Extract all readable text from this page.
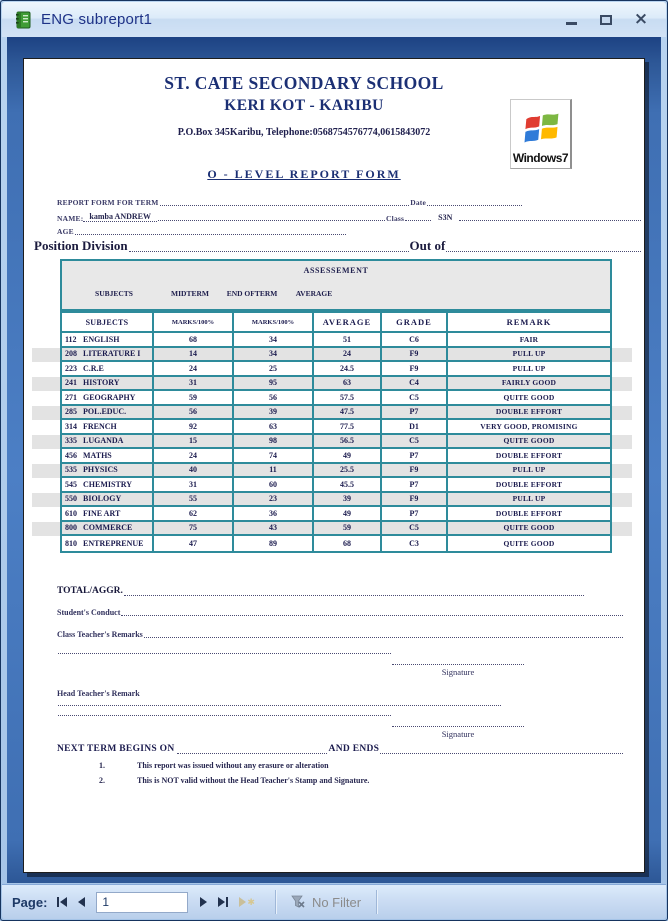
ENG subreport1	×
ST. CATE SECONDARY SCHOOL
KERI KOT - KARIBU
P.O.Box 345Karibu, Telephone:0568754576774,0615843072
Windows7
O - LEVEL REPORT FORM
REPORT FORM FOR TERM	Date
NAME: kamba ANDREW	Class	S3N
AGE
Position Division	Out of
ASSESSEMENT
SUBJECTS	MIDTERM END OFTERM AVERAGE
SUBJECTS	MARKS/100%	MARKS/100%	AVERAGE	GRADE	REMARK
112 ENGLISH	68	34	51	C6	FAIR
208 LITERATURE I	14	34	24	F9	PULL UP
223 C.R.E	24	25	24.5	F9	PULL UP
241 HISTORY	31	95	63	C4	FAIRLY GOOD
271 GEOGRAPHY	59	56	57.5	C5	QUITE GOOD
285 POL.EDUC.	56	39	47.5	P7	DOUBLE EFFORT
314 FRENCH	92	63	77.5	D1	VERY GOOD, PROMISING
335 LUGANDA	15	98	56.5	C5	QUITE GOOD
456 MATHS	24	74	49	P7	DOUBLE EFFORT
535 PHYSICS	40	11	25.5	F9	PULL UP
545 CHEMISTRY	31	60	45.5	P7	DOUBLE EFFORT
550 BIOLOGY	55	23	39	F9	PULL UP
610 FINE ART	62	36	49	P7	DOUBLE EFFORT
800 COMMERCE	75	43	59	C5	QUITE GOOD
810 ENTREPRENUE	47	89	68	C3	QUITE GOOD
TOTAL/AGGR.
Student's Conduct
Class Teacher's Remarks
Signature
Head Teacher's Remark
Signature
NEXT TERM BEGINS ON	AND ENDS
1.	This report was issued without any erasure or alteration
2.	This is NOT valid without the Head Teacher's Stamp and Signature.
Page:
1	✱	No Filter
